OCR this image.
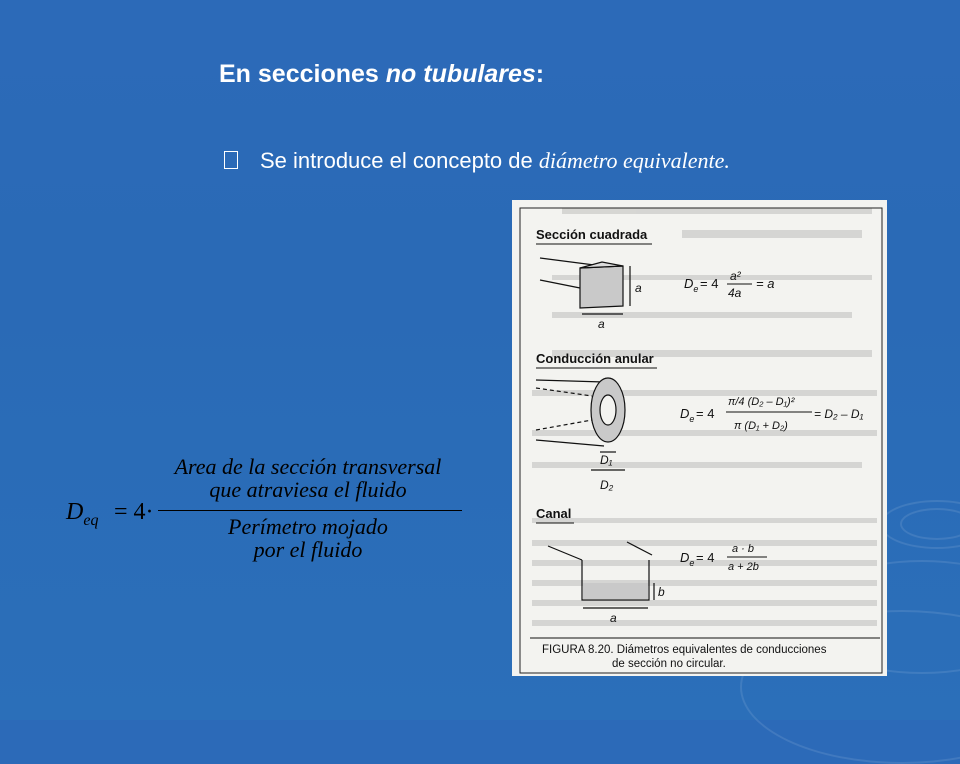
En secciones no tubulares:
Se introduce el concepto de diámetro equivalente.
$D_{eq} = 4\cdot$
Area de la sección transversal
que atraviesa el fluido
Perímetro mojado
por el fluido
Sección cuadrada
a
a
$D_e = 4$ a²
4a
= a
Conducción anular
D₁
D₂
$D_e = 4$
π/4 (D₂ – D₁)²
π (D₁ + D₂)
= D₂ – D₁
Canal
b
a
$D_e = 4$
a · b
a + 2b
FIGURA 8.20. Diámetros equivalentes de conducciones
de sección no circular.
